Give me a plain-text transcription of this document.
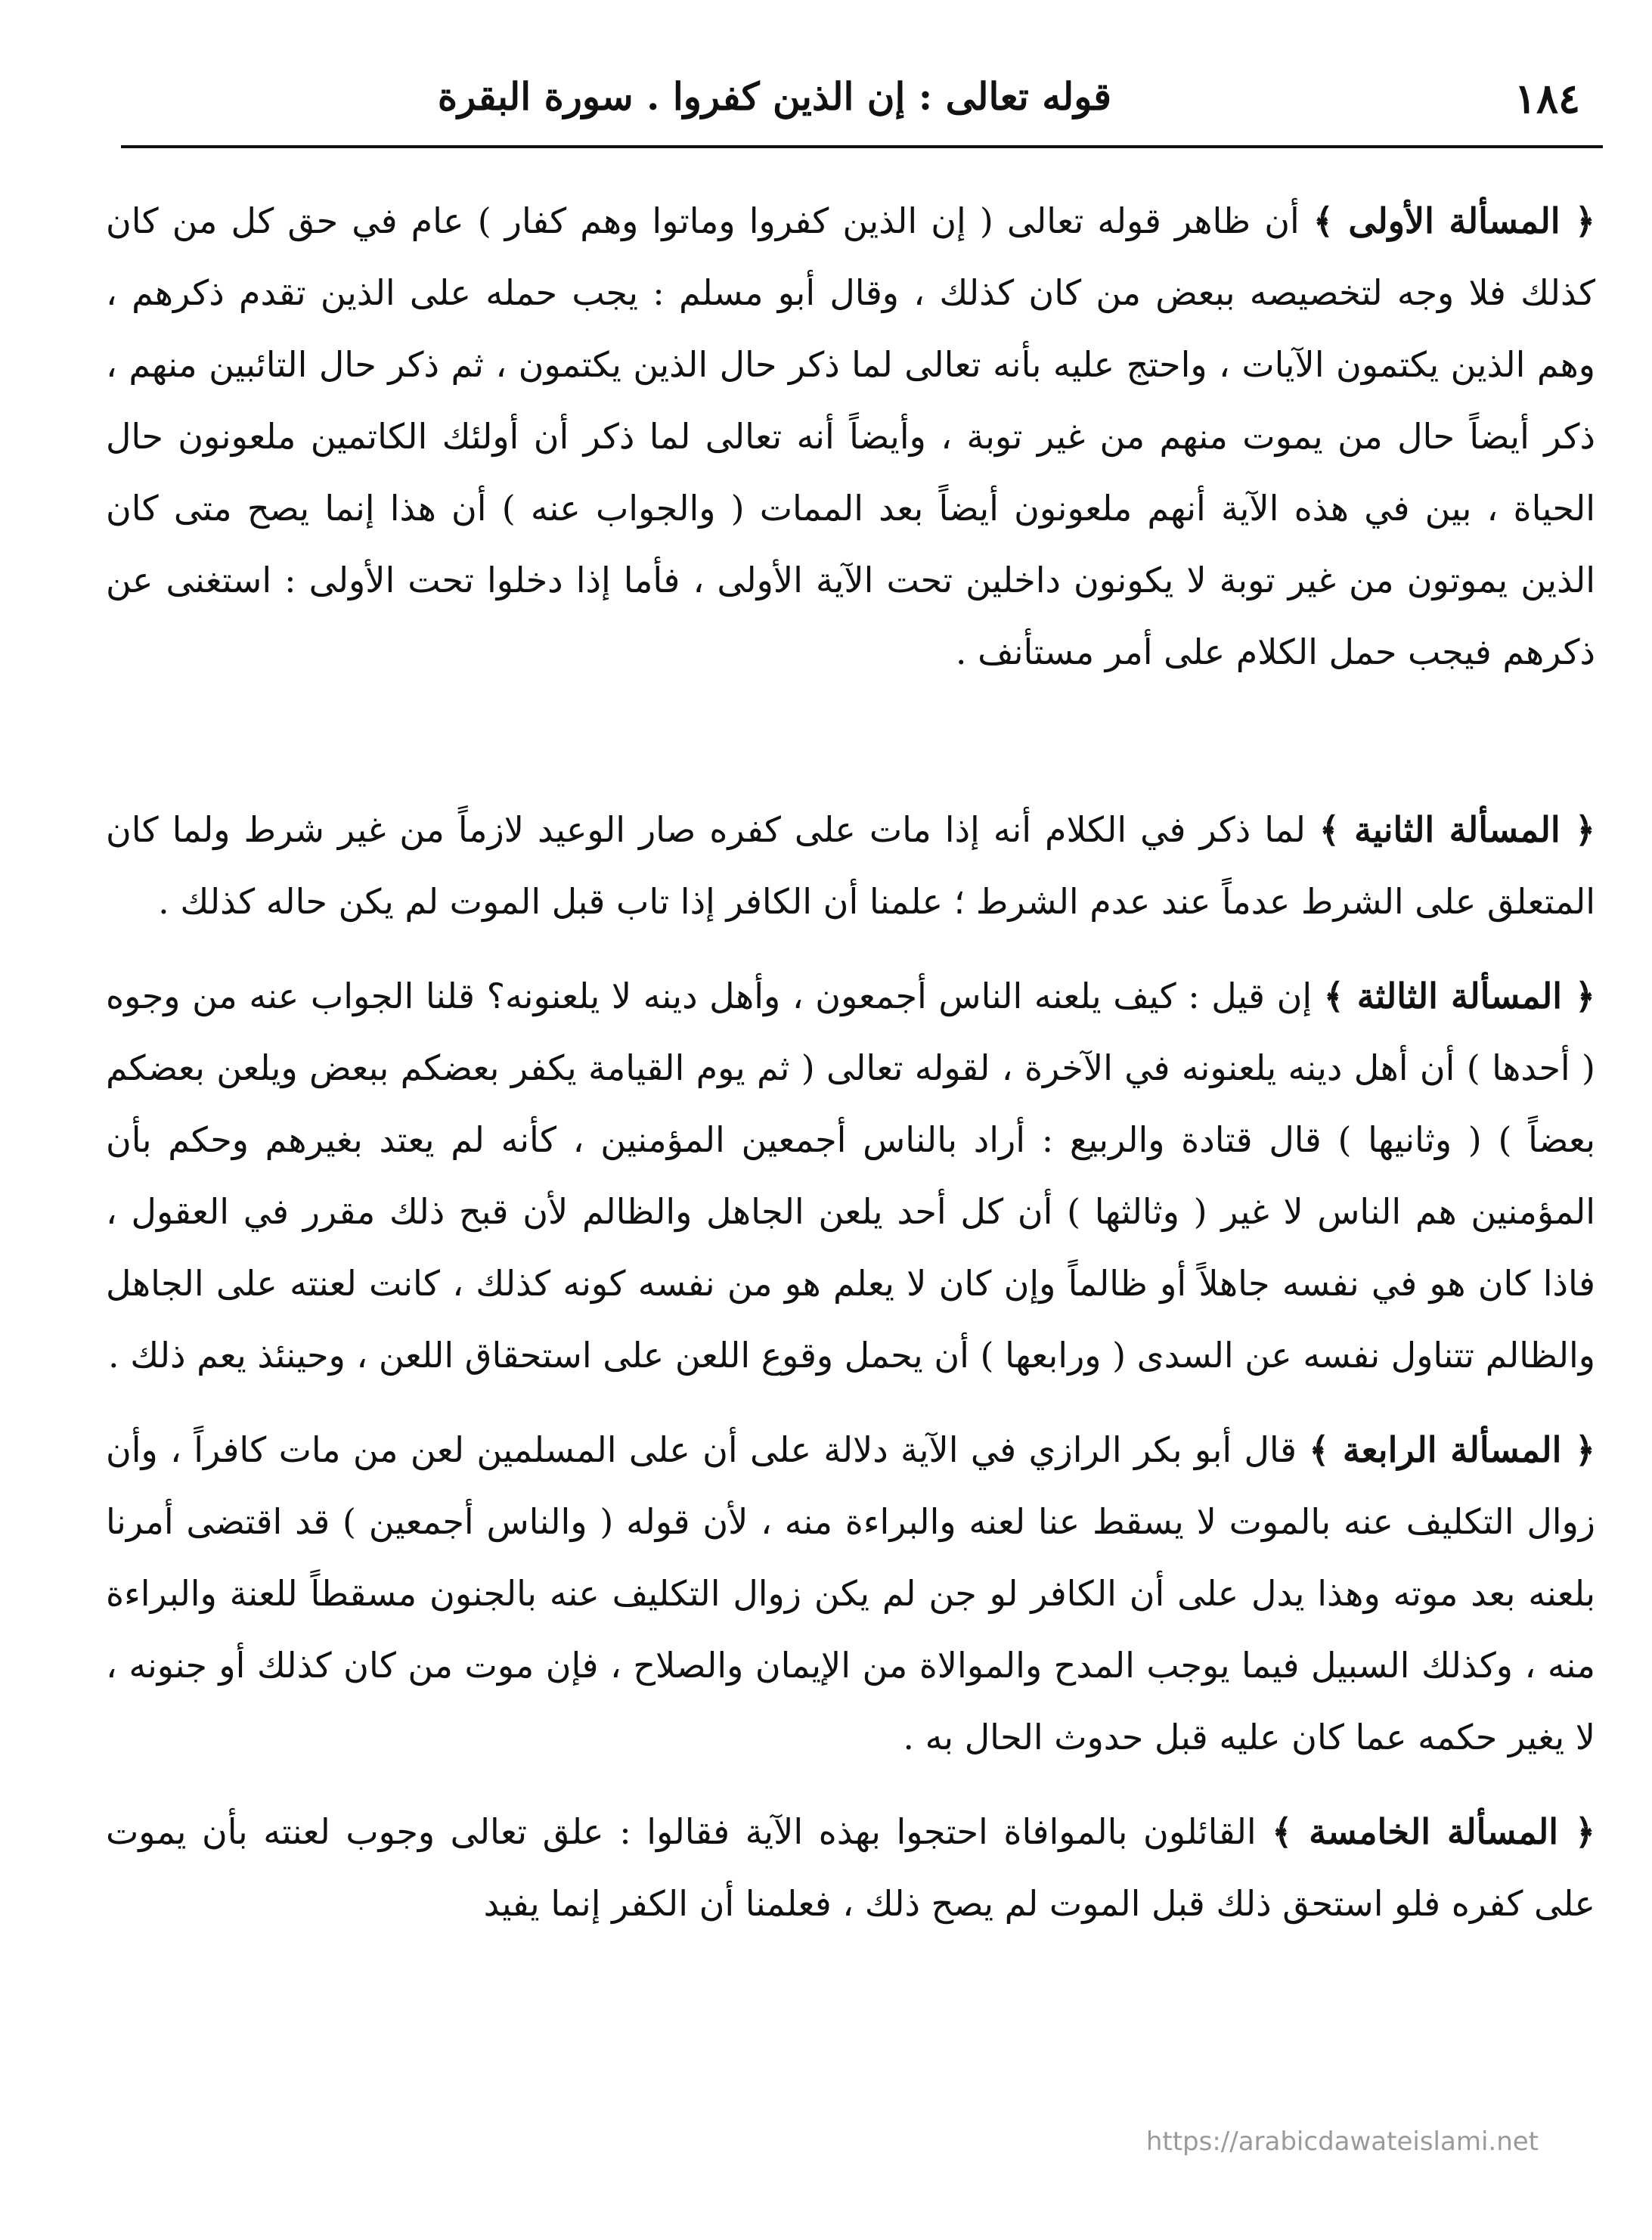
١٨٤
قوله تعالى : إن الذين كفروا . سورة البقرة

﴿ المسألة الأولى ﴾ أن ظاهر قوله تعالى ( إن الذين كفروا وماتوا وهم كفار ) عام في حق كل من كان كذلك فلا وجه لتخصيصه ببعض من كان كذلك ، وقال أبو مسلم : يجب حمله على الذين تقدم ذكرهم ، وهم الذين يكتمون الآيات ، واحتج عليه بأنه تعالى لما ذكر حال الذين يكتمون ، ثم ذكر حال التائبين منهم ، ذكر أيضاً حال من يموت منهم من غير توبة ، وأيضاً أنه تعالى لما ذكر أن أولئك الكاتمين ملعونون حال الحياة ، بين في هذه الآية أنهم ملعونون أيضاً بعد الممات ( والجواب عنه ) أن هذا إنما يصح متى كان الذين يموتون من غير توبة لا يكونون داخلين تحت الآية الأولى ، فأما إذا دخلوا تحت الأولى : استغنى عن ذكرهم فيجب حمل الكلام على أمر مستأنف .

﴿ المسألة الثانية ﴾ لما ذكر في الكلام أنه إذا مات على كفره صار الوعيد لازماً من غير شرط ولما كان المتعلق على الشرط عدماً عند عدم الشرط ؛ علمنا أن الكافر إذا تاب قبل الموت لم يكن حاله كذلك .

﴿ المسألة الثالثة ﴾ إن قيل : كيف يلعنه الناس أجمعون ، وأهل دينه لا يلعنونه؟ قلنا الجواب عنه من وجوه ( أحدها ) أن أهل دينه يلعنونه في الآخرة ، لقوله تعالى ( ثم يوم القيامة يكفر بعضكم ببعض ويلعن بعضكم بعضاً ) ( وثانيها ) قال قتادة والربيع : أراد بالناس أجمعين المؤمنين ، كأنه لم يعتد بغيرهم وحكم بأن المؤمنين هم الناس لا غير ( وثالثها ) أن كل أحد يلعن الجاهل والظالم لأن قبح ذلك مقرر في العقول ، فاذا كان هو في نفسه جاهلاً أو ظالماً وإن كان لا يعلم هو من نفسه كونه كذلك ، كانت لعنته على الجاهل والظالم تتناول نفسه عن السدى ( ورابعها ) أن يحمل وقوع اللعن على استحقاق اللعن ، وحينئذ يعم ذلك .

﴿ المسألة الرابعة ﴾ قال أبو بكر الرازي في الآية دلالة على أن على المسلمين لعن من مات كافراً ، وأن زوال التكليف عنه بالموت لا يسقط عنا لعنه والبراءة منه ، لأن قوله ( والناس أجمعين ) قد اقتضى أمرنا بلعنه بعد موته وهذا يدل على أن الكافر لو جن لم يكن زوال التكليف عنه بالجنون مسقطاً للعنة والبراءة منه ، وكذلك السبيل فيما يوجب المدح والموالاة من الإيمان والصلاح ، فإن موت من كان كذلك أو جنونه ، لا يغير حكمه عما كان عليه قبل حدوث الحال به .

﴿ المسألة الخامسة ﴾ القائلون بالموافاة احتجوا بهذه الآية فقالوا : علق تعالى وجوب لعنته بأن يموت على كفره فلو استحق ذلك قبل الموت لم يصح ذلك ، فعلمنا أن الكفر إنما يفيد

https://arabicdawateislami.net
